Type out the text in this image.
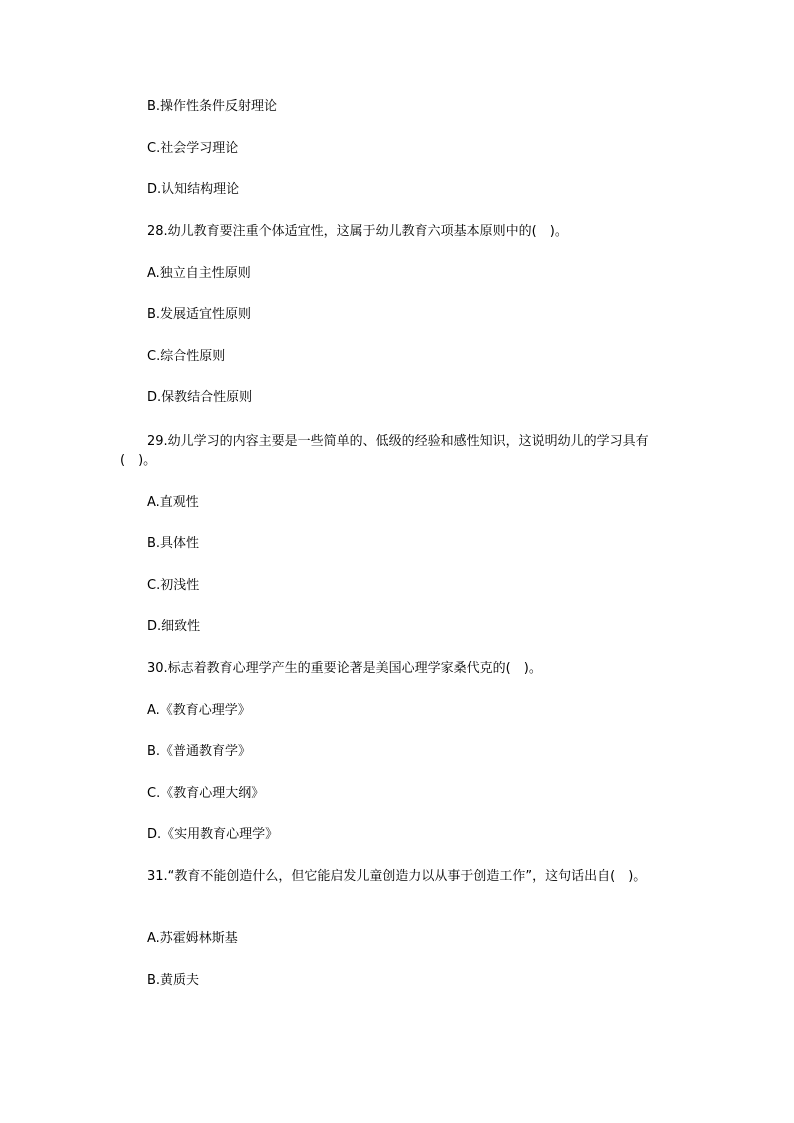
B.操作性条件反射理论
C.社会学习理论
D.认知结构理论
28.幼儿教育要注重个体适宜性，这属于幼儿教育六项基本原则中的(　)。
A.独立自主性原则
B.发展适宜性原则
C.综合性原则
D.保教结合性原则
29.幼儿学习的内容主要是一些简单的、低级的经验和感性知识，这说明幼儿的学习具有(　)。
A.直观性
B.具体性
C.初浅性
D.细致性
30.标志着教育心理学产生的重要论著是美国心理学家桑代克的(　)。
A.《教育心理学》
B.《普通教育学》
C.《教育心理大纲》
D.《实用教育心理学》
31.“教育不能创造什么，但它能启发儿童创造力以从事于创造工作”，这句话出自(　)。
A.苏霍姆林斯基
B.黄质夫
